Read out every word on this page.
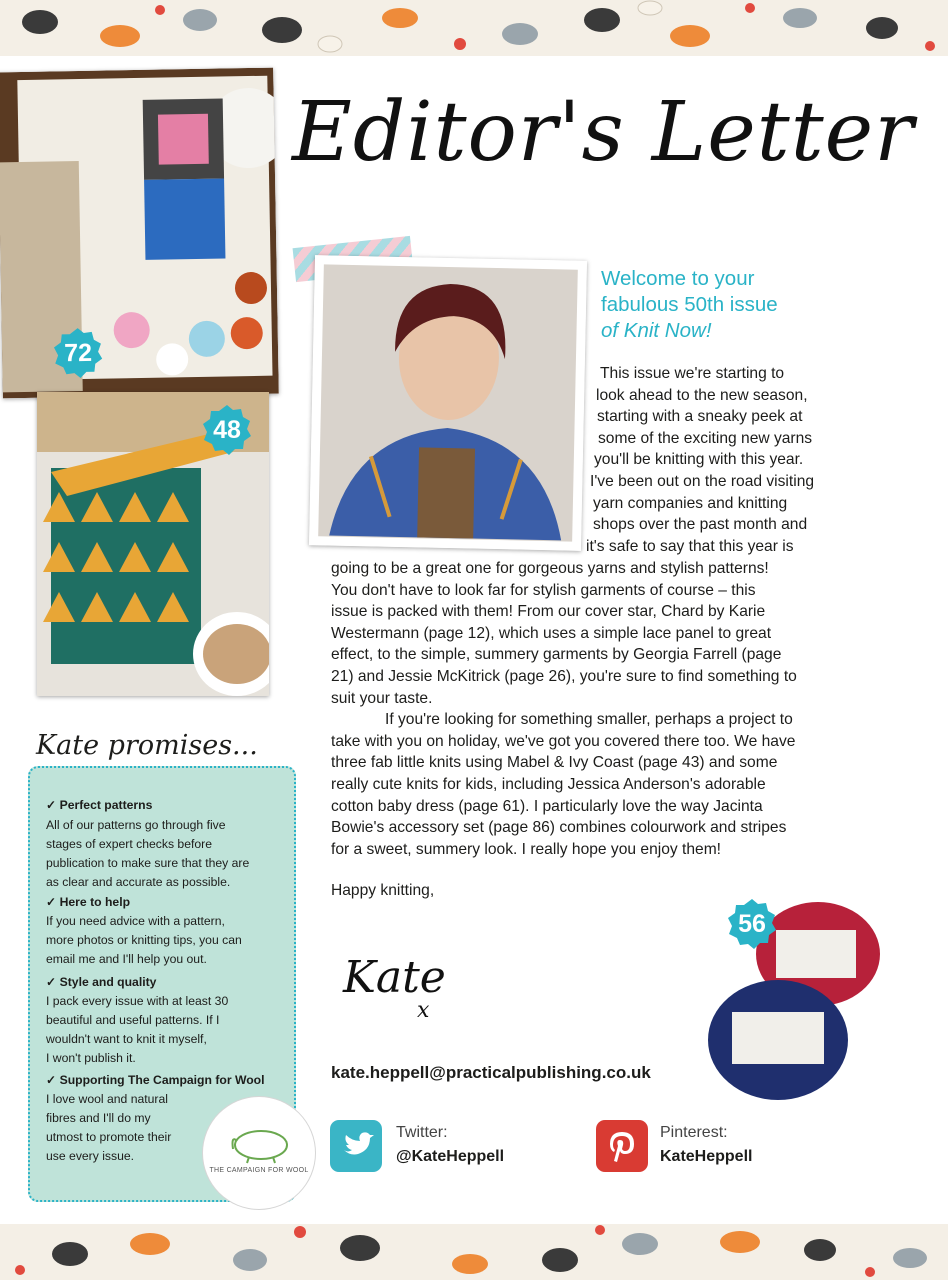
Editor's Letter
72
48
Welcome to your
fabulous 50th issue
of Knit Now!
This issue we're starting to
look ahead to the new season,
starting with a sneaky peek at
some of the exciting new yarns
you'll be knitting with this year.
I've been out on the road visiting
yarn companies and knitting
shops over the past month and
it's safe to say that this year is
going to be a great one for gorgeous yarns and stylish patterns!
You don't have to look far for stylish garments of course – this
issue is packed with them! From our cover star, Chard by Karie
Westermann (page 12), which uses a simple lace panel to great
effect, to the simple, summery garments by Georgia Farrell (page
21) and Jessie McKitrick (page 26), you're sure to find something to
suit your taste.
If you're looking for something smaller, perhaps a project to
take with you on holiday, we've got you covered there too. We have
three fab little knits using Mabel & Ivy Coast (page 43) and some
really cute knits for kids, including Jessica Anderson's adorable
cotton baby dress (page 61). I particularly love the way Jacinta
Bowie's accessory set (page 86) combines colourwork and stripes
for a sweet, summery look. I really hope you enjoy them!
Happy knitting,
Kate
x
kate.heppell@practicalpublishing.co.uk
56
Twitter:
@KateHeppell
Pinterest:
KateHeppell
Kate promises...
✓ Perfect patterns
All of our patterns go through five
stages of expert checks before
publication to make sure that they are
as clear and accurate as possible.
✓ Here to help
If you need advice with a pattern,
more photos or knitting tips, you can
email me and I'll help you out.
✓ Style and quality
I pack every issue with at least 30
beautiful and useful patterns. If I
wouldn't want to knit it myself,
I won't publish it.
✓ Supporting The Campaign for Wool
I love wool and natural
fibres and I'll do my
utmost to promote their
use every issue.
THE CAMPAIGN FOR WOOL
